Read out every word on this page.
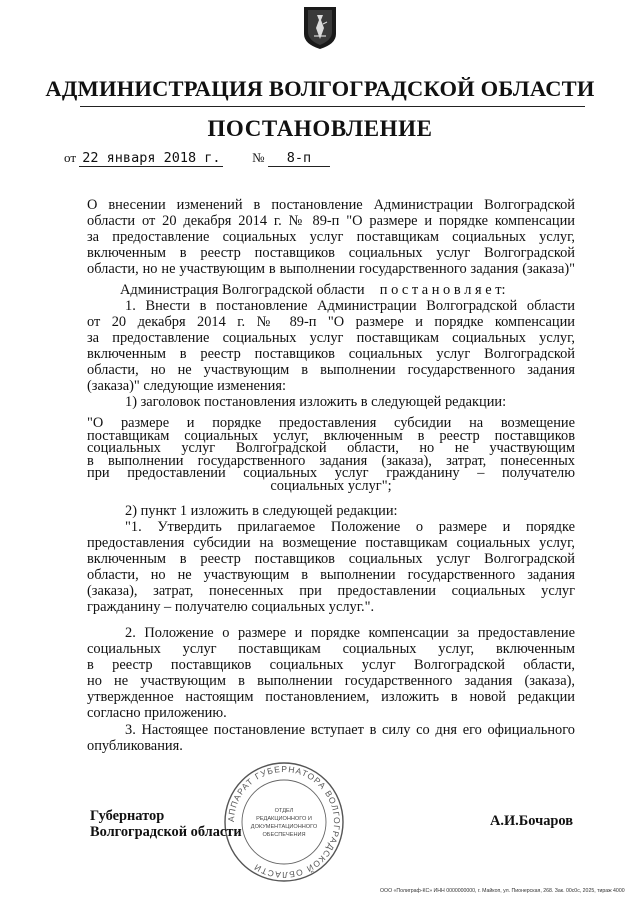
АДМИНИСТРАЦИЯ ВОЛГОГРАДСКОЙ ОБЛАСТИ
ПОСТАНОВЛЕНИЕ
от 22 января 2018 г. № 8-п
О внесении изменений в постановление Администрации Волгоградской
области от 20 декабря 2014 г. № 89-п "О размере и порядке компенсации
за предоставление социальных услуг поставщикам социальных услуг,
включенным в реестр поставщиков социальных услуг Волгоградской
области, но не участвующим в выполнении государственного задания (заказа)"
Администрация Волгоградской области п о с т а н о в л я е т:
1. Внести в постановление Администрации Волгоградской области
от 20 декабря 2014 г. № 89-п "О размере и порядке компенсации
за предоставление социальных услуг поставщикам социальных услуг,
включенным в реестр поставщиков социальных услуг Волгоградской
области, но не участвующим в выполнении государственного задания
(заказа)" следующие изменения:
1) заголовок постановления изложить в следующей редакции:
"О размере и порядке предоставления субсидии на возмещение
поставщикам социальных услуг, включенным в реестр поставщиков
социальных услуг Волгоградской области, но не участвующим
в выполнении государственного задания (заказа), затрат, понесенных
при предоставлении социальных услуг гражданину – получателю
социальных услуг";
2) пункт 1 изложить в следующей редакции:
"1. Утвердить прилагаемое Положение о размере и порядке
предоставления субсидии на возмещение поставщикам социальных услуг,
включенным в реестр поставщиков социальных услуг Волгоградской
области, но не участвующим в выполнении государственного задания
(заказа), затрат, понесенных при предоставлении социальных услуг
гражданину – получателю социальных услуг.".
2. Положение о размере и порядке компенсации за предоставление
социальных услуг поставщикам социальных услуг, включенным
в реестр поставщиков социальных услуг Волгоградской области,
но не участвующим в выполнении государственного задания (заказа),
утвержденное настоящим постановлением, изложить в новой редакции
согласно приложению.
3. Настоящее постановление вступает в силу со дня его официального
опубликования.
АППАРАТ ГУБЕРНАТОРА ВОЛГОГРАДСКОЙ ОБЛАСТИ
ОТДЕЛ
РЕДАКЦИОННОГО И
ДОКУМЕНТАЦИОННОГО
ОБЕСПЕЧЕНИЯ
Губернатор
Волгоградской области
А.И.Бочаров
ООО «Полиграф-КС» ИНН 0000000000, г. Майкоп, ул. Пионерская, 268. Зак. 00с0с, 2025, тираж 4000
